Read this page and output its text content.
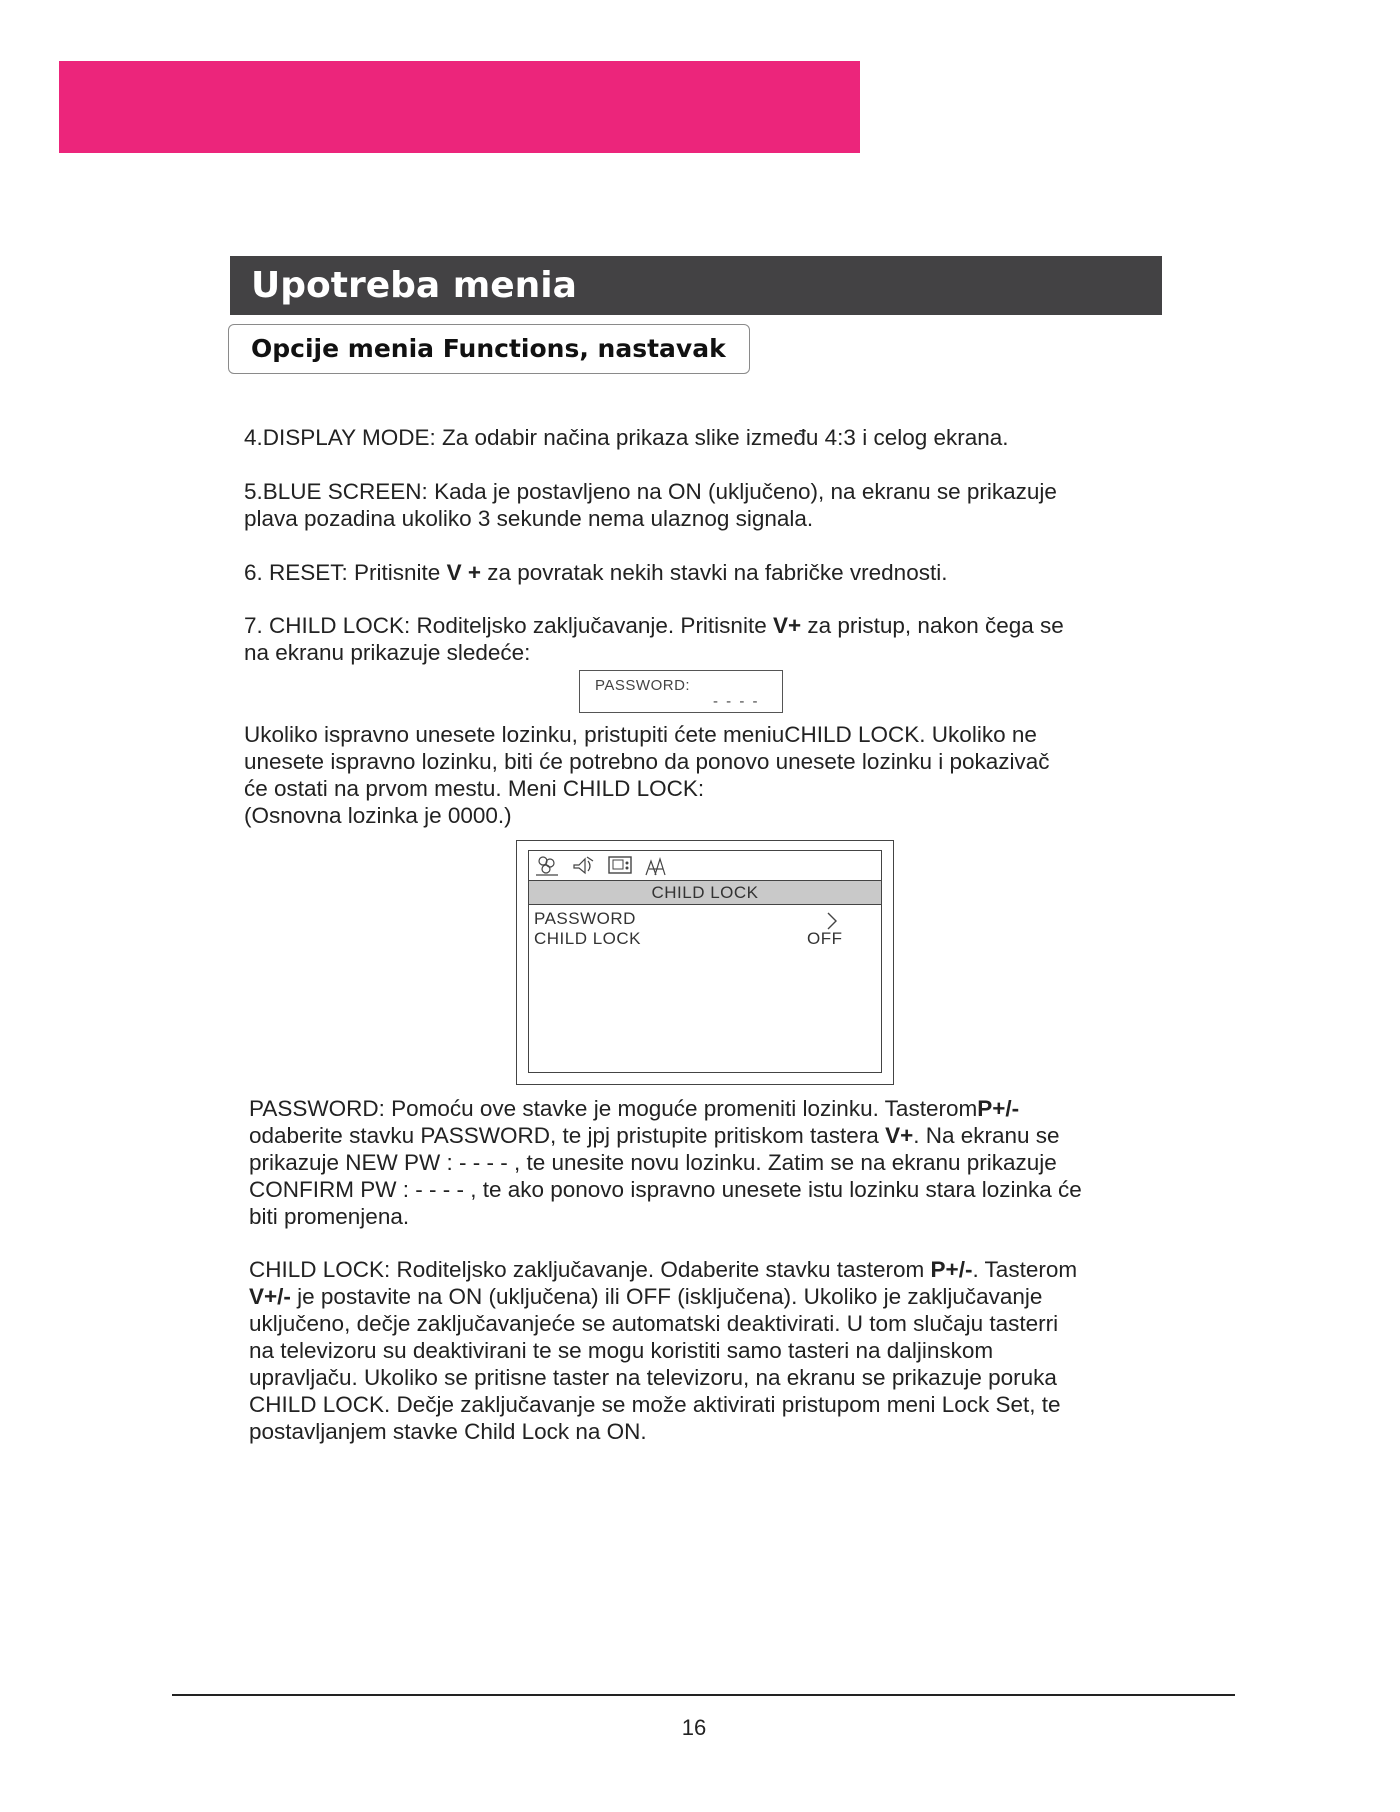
Upotreba menia
Opcije menia Functions, nastavak

4.DISPLAY MODE: Za odabir načina prikaza slike između 4:3 i celog ekrana.

5.BLUE SCREEN: Kada je postavljeno na ON (uključeno), na ekranu se prikazuje
plava pozadina ukoliko 3 sekunde nema ulaznog signala.

6. RESET: Pritisnite V + za povratak nekih stavki na fabričke vrednosti.

7. CHILD LOCK: Roditeljsko zaključavanje. Pritisnite V+ za pristup, nakon čega se
na ekranu prikazuje sledeće:

PASSWORD:
- - - -

Ukoliko ispravno unesete lozinku, pristupiti ćete meniuCHILD LOCK. Ukoliko ne
unesete ispravno lozinku, biti će potrebno da ponovo unesete lozinku i pokazivač
će ostati na prvom mestu. Meni CHILD LOCK:
(Osnovna lozinka je 0000.)

CHILD LOCK
PASSWORD
CHILD LOCK	OFF

PASSWORD: Pomoću ove stavke je moguće promeniti lozinku. TasteromP+/-
odaberite stavku PASSWORD, te jpj pristupite pritiskom tastera V+. Na ekranu se
prikazuje NEW PW : - - - - , te unesite novu lozinku. Zatim se na ekranu prikazuje
CONFIRM PW : - - - - , te ako ponovo ispravno unesete istu lozinku stara lozinka će
biti promenjena.

CHILD LOCK: Roditeljsko zaključavanje. Odaberite stavku tasterom P+/-. Tasterom
V+/- je postavite na ON (uključena) ili OFF (isključena). Ukoliko je zaključavanje
uključeno, dečje zaključavanjeće se automatski deaktivirati. U tom slučaju tasterri
na televizoru su deaktivirani te se mogu koristiti samo tasteri na daljinskom
upravljaču. Ukoliko se pritisne taster na televizoru, na ekranu se prikazuje poruka
CHILD LOCK. Dečje zaključavanje se može aktivirati pristupom meni Lock Set, te
postavljanjem stavke Child Lock na ON.

16
